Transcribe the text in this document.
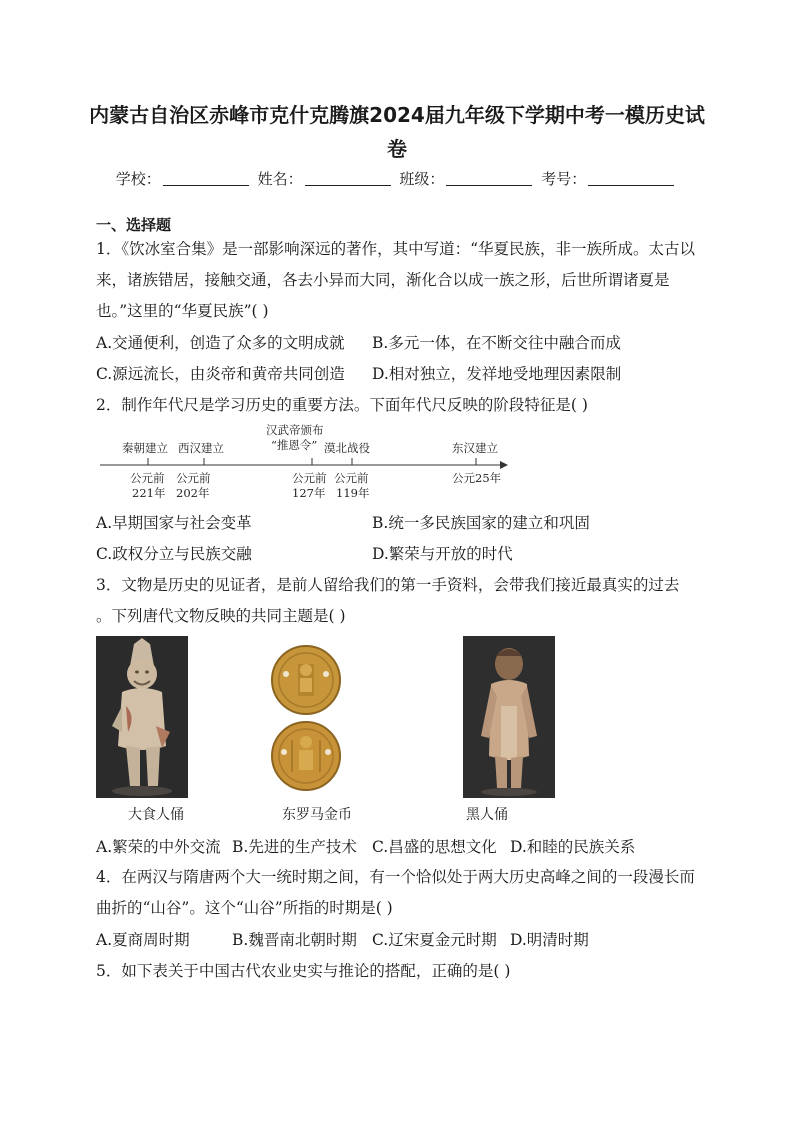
内蒙古自治区赤峰市克什克腾旗2024届九年级下学期中考一模历史试
卷
学校：	姓名：	班级：	考号：
一、选择题
1．《饮冰室合集》是一部影响深远的著作，其中写道：“华夏民族，非一族所成。太古以来，诸族错居，接触交通，各去小异而大同，渐化合以成一族之形，后世所谓诸夏是也。”这里的“华夏民族”( )
A.交通便利，创造了众多的文明成就 B.多元一体，在不断交往中融合而成
C.源远流长，由炎帝和黄帝共同创造 D.相对独立，发祥地受地理因素限制
2．制作年代尺是学习历史的重要方法。下面年代尺反映的阶段特征是( )
秦朝建立 西汉建立
汉武帝颁布
“推恩令” 漠北战役	东汉建立
公元前
221年
公元前
202年
公元前
127年
公元前
119年
公元25年
A.早期国家与社会变革	B.统一多民族国家的建立和巩固
C.政权分立与民族交融	D.繁荣与开放的时代
3．文物是历史的见证者，是前人留给我们的第一手资料，会带我们接近最真实的过去
。下列唐代文物反映的共同主题是( )
大食人俑	东罗马金币	黑人俑
A.繁荣的中外交流 B.先进的生产技术 C.昌盛的思想文化 D.和睦的民族关系
4．在两汉与隋唐两个大一统时期之间，有一个恰似处于两大历史高峰之间的一段漫长而曲折的“山谷”。这个“山谷”所指的时期是( )
A.夏商周时期	B.魏晋南北朝时期 C.辽宋夏金元时期 D.明清时期
5．如下表关于中国古代农业史实与推论的搭配，正确的是( )
